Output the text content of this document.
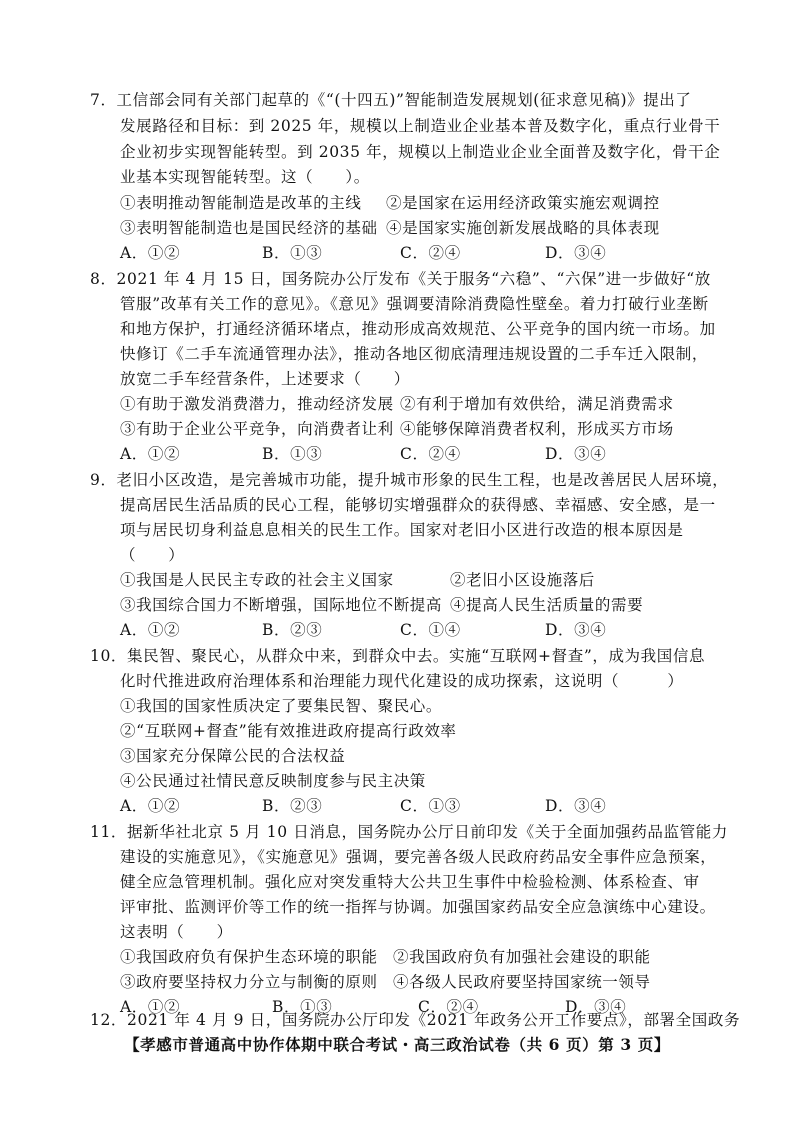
7．工信部会同有关部门起草的《“(十四五)”智能制造发展规划(征求意见稿)》提出了
发展路径和目标：到 2025 年，规模以上制造业企业基本普及数字化，重点行业骨干
企业初步实现智能转型。到 2035 年，规模以上制造业企业全面普及数字化，骨干企
业基本实现智能转型。这（　　）。
①表明推动智能制造是改革的主线 ②是国家在运用经济政策实施宏观调控
③表明智能制造也是国民经济的基础 ④是国家实施创新发展战略的具体表现
A．①②	B．①③	C．②④	D．③④
8．2021 年 4 月 15 日，国务院办公厅发布《关于服务“六稳”、“六保”进一步做好“放
管服”改革有关工作的意见》。《意见》强调要清除消费隐性壁垒。着力打破行业垄断
和地方保护，打通经济循环堵点，推动形成高效规范、公平竞争的国内统一市场。加
快修订《二手车流通管理办法》，推动各地区彻底清理违规设置的二手车迁入限制，
放宽二手车经营条件，上述要求（　　）
①有助于激发消费潜力，推动经济发展 ②有利于增加有效供给，满足消费需求
③有助于企业公平竞争，向消费者让利 ④能够保障消费者权利，形成买方市场
A．①②	B．①③	C．②④	D．③④
9．老旧小区改造，是完善城市功能，提升城市形象的民生工程，也是改善居民人居环境，
提高居民生活品质的民心工程，能够切实增强群众的获得感、幸福感、安全感，是一
项与居民切身利益息息相关的民生工作。国家对老旧小区进行改造的根本原因是
（　　）
①我国是人民民主专政的社会主义国家	②老旧小区设施落后
③我国综合国力不断增强，国际地位不断提高 ④提高人民生活质量的需要
A．①②	B．②③	C．①④	D．③④
10．集民智、聚民心，从群众中来，到群众中去。实施“互联网+督查”，成为我国信息
化时代推进政府治理体系和治理能力现代化建设的成功探索，这说明（　　　）
①我国的国家性质决定了要集民智、聚民心。
②“互联网+督查”能有效推进政府提高行政效率
③国家充分保障公民的合法权益
④公民通过社情民意反映制度参与民主决策
A．①②	B．②③	C．①③	D．③④
11．据新华社北京 5 月 10 日消息，国务院办公厅日前印发《关于全面加强药品监管能力
建设的实施意见》，《实施意见》强调，要完善各级人民政府药品安全事件应急预案，
健全应急管理机制。强化应对突发重特大公共卫生事件中检验检测、体系检查、审
评审批、监测评价等工作的统一指挥与协调。加强国家药品安全应急演练中心建设。
这表明（　　）
①我国政府负有保护生态环境的职能 ②我国政府负有加强社会建设的职能
③政府要坚持权力分立与制衡的原则 ④各级人民政府要坚持国家统一领导
A．①②	B．①③	C．②④	D．③④
12．2021 年 4 月 9 日，国务院办公厅印发《2021 年政务公开工作要点》，部署全国政务
【孝感市普通高中协作体期中联合考试・高三政治试卷（共 6 页）第 3 页】
